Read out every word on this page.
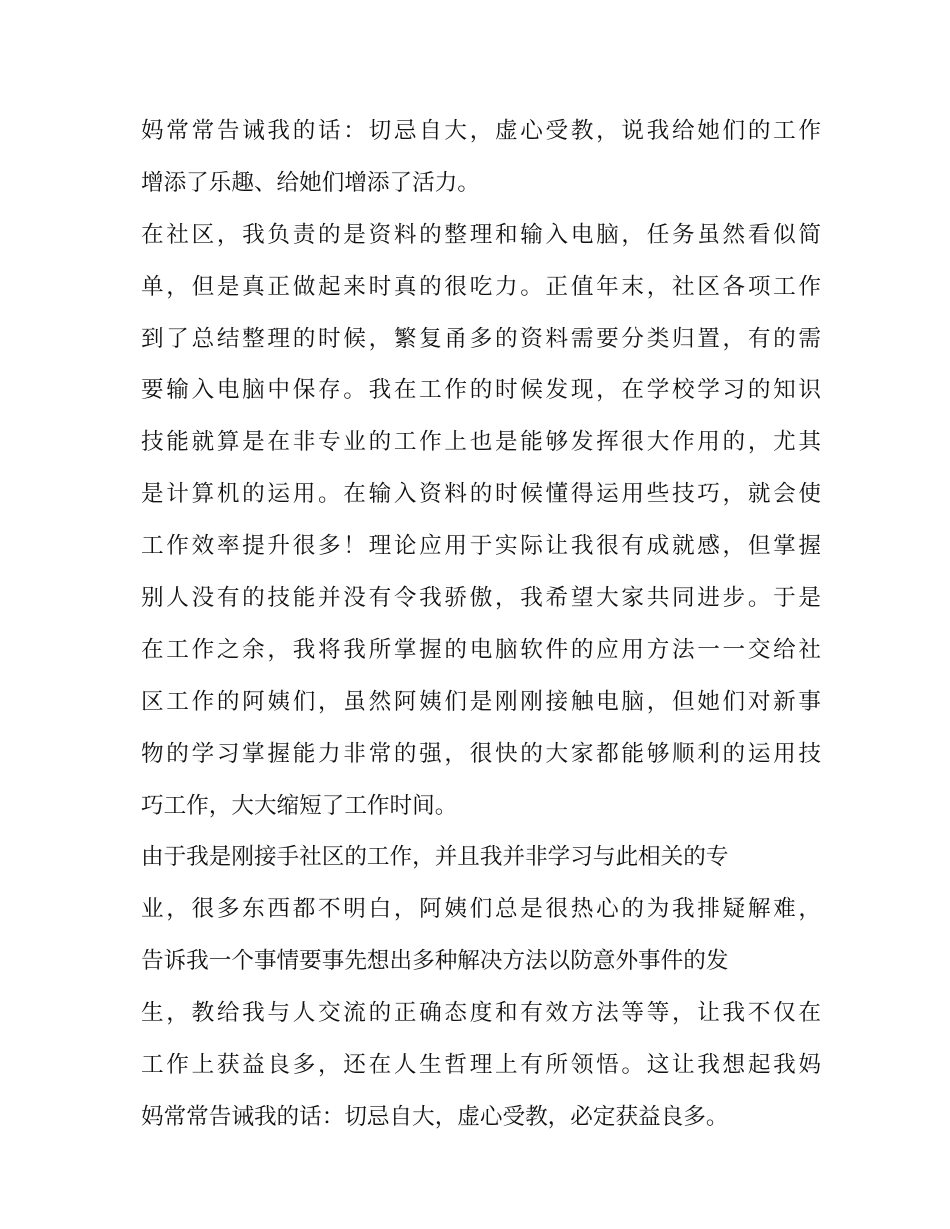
妈常常告诫我的话：切忌自大，虚心受教，说我给她们的工作
增添了乐趣、给她们增添了活力。
在社区，我负责的是资料的整理和输入电脑，任务虽然看似简
单，但是真正做起来时真的很吃力。正值年末，社区各项工作
到了总结整理的时候，繁复甬多的资料需要分类归置，有的需
要输入电脑中保存。我在工作的时候发现，在学校学习的知识
技能就算是在非专业的工作上也是能够发挥很大作用的，尤其
是计算机的运用。在输入资料的时候懂得运用些技巧，就会使
工作效率提升很多！理论应用于实际让我很有成就感，但掌握
别人没有的技能并没有令我骄傲，我希望大家共同进步。于是
在工作之余，我将我所掌握的电脑软件的应用方法一一交给社
区工作的阿姨们，虽然阿姨们是刚刚接触电脑，但她们对新事
物的学习掌握能力非常的强，很快的大家都能够顺利的运用技
巧工作，大大缩短了工作时间。
由于我是刚接手社区的工作，并且我并非学习与此相关的专
业，很多东西都不明白，阿姨们总是很热心的为我排疑解难，
告诉我一个事情要事先想出多种解决方法以防意外事件的发
生，教给我与人交流的正确态度和有效方法等等，让我不仅在
工作上获益良多，还在人生哲理上有所领悟。这让我想起我妈
妈常常告诫我的话：切忌自大，虚心受教，必定获益良多。
